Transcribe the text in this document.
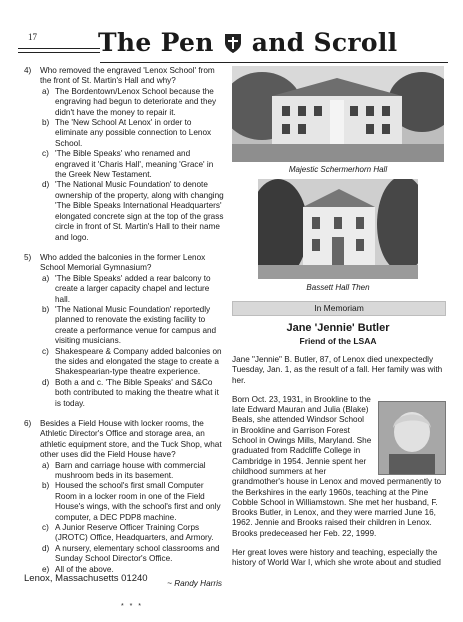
17 The Pen and Scroll
4)	Who removed the engraved 'Lenox School' from the front of St. Martin's Hall and why?
a) The Bordentown/Lenox School because the engraving had begun to deteriorate and they didn't have the money to repair it.
b) The 'New School At Lenox' in order to eliminate any possible connection to Lenox School.
c) 'The Bible Speaks' who renamed and engraved it 'Charis Hall', meaning 'Grace' in the Greek New Testament.
d) 'The National Music Foundation' to denote ownership of the property, along with changing 'The Bible Speaks International Headquarters' elongated concrete sign at the top of the grass circle in front of St. Martin's Hall to their name and logo.
5)	Who added the balconies in the former Lenox School Memorial Gymnasium?
a) 'The Bible Speaks' added a rear balcony to create a larger capacity chapel and lecture hall.
b) 'The National Music Foundation' reportedly planned to renovate the existing facility to create a performance venue for campus and visiting musicians.
c) Shakespeare & Company added balconies on the sides and elongated the stage to create a Shakespearian-type theatre experience.
d) Both a and c. 'The Bible Speaks' and S&Co both contributed to making the theatre what it is today.
6)	Besides a Field House with locker rooms, the Athletic Director's Office and storage area, an athletic equipment store, and the Tuck Shop, what other uses did the Field House have?
a) Barn and carriage house with commercial mushroom beds in its basement.
b) Housed the school's first small Computer Room in a locker room in one of the Field House's wings, with the school's first and only computer, a DEC PDP8 machine.
c) A Junior Reserve Officer Training Corps (JROTC) Office, Headquarters, and Armory.
d) A nursery, elementary school classrooms and Sunday School Director's Office.
e) All of the above.
~ Randy Harris
* * *
Lenox, Massachusetts 01240
Majestic Schermerhorn Hall
Bassett Hall Then
In Memoriam
Jane 'Jennie' Butler
Friend of the LSAA

Jane "Jennie" B. Butler, 87, of Lenox died unexpectedly Tuesday, Jan. 1, as the result of a fall. Her family was with her.

Born Oct. 23, 1931, in Brookline to the late Edward Mauran and Julia (Blake) Beals, she attended Windsor School in Brookline and Garrison Forest School in Owings Mills, Maryland. She graduated from Radcliffe College in Cambridge in 1954. Jennie spent her childhood summers at her grandmother's house in Lenox and moved permanently to the Berkshires in the early 1960s, teaching at the Pine Cobble School in Williamstown. She met her husband, F. Brooks Butler, in Lenox, and they were married June 16, 1962. Jennie and Brooks raised their children in Lenox. Brooks predeceased her Feb. 22, 1999.

Her great loves were history and teaching, especially the history of World War I, which she wrote about and studied
